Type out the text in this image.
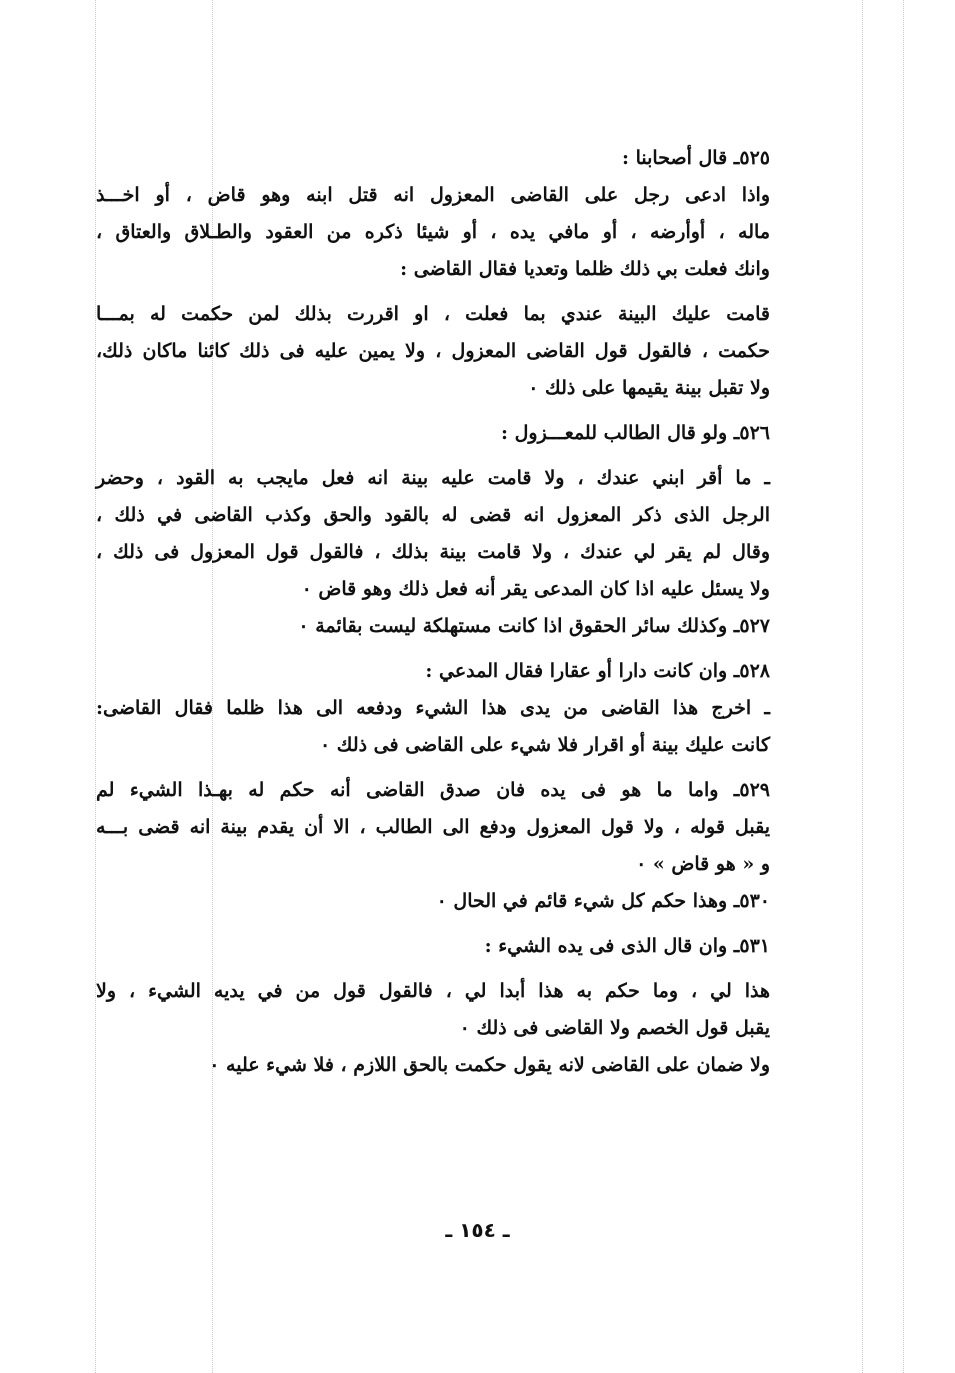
٥٢٥ـ قال أصحابنا :
واذا ادعى رجل على القاضى المعزول انه قتل ابنه وهو قاض ، أو اخـــذ
ماله ، أوأرضه ، أو مافي يده ، أو شيئا ذكره من العقود والطـلاق والعتاق ،
وانك فعلت بي ذلك ظلما وتعديا فقال القاضى :
قامت عليك البينة عندي بما فعلت ، او اقررت بذلك لمن حكمت له بمـــا
حكمت ، فالقول قول القاضى المعزول ، ولا يمين عليه فى ذلك كائنا ماكان ذلك،
ولا تقبل بينة يقيمها على ذلك ٠
٥٢٦ـ ولو قال الطالب للمعـــزول :
ـ ما أقر ابني عندك ، ولا قامت عليه بينة انه فعل مايجب به القود ، وحضر
الرجل الذى ذكر المعزول انه قضى له بالقود والحق وكذب القاضى في ذلك ،
وقال لم يقر لي عندك ، ولا قامت بينة بذلك ، فالقول قول المعزول فى ذلك ،
ولا يسئل عليه اذا كان المدعى يقر أنه فعل ذلك وهو قاض ٠
٥٢٧ـ وكذلك سائر الحقوق اذا كانت مستهلكة ليست بقائمة ٠
٥٢٨ـ وان كانت دارا أو عقارا فقال المدعي :
ـ اخرج هذا القاضى من يدى هذا الشيء ودفعه الى هذا ظلما فقال القاضى:
كانت عليك بينة أو اقرار فلا شيء على القاضى فى ذلك ٠
٥٢٩ـ واما ما هو فى يده فان صدق القاضى أنه حكم له بهـذا الشيء لم
يقبل قوله ، ولا قول المعزول ودفع الى الطالب ، الا أن يقدم بينة انه قضى بـــه
و « هو قاض » ٠
٥٣٠ـ وهذا حكم كل شيء قائم في الحال ٠
٥٣١ـ وان قال الذى فى يده الشيء :
هذا لي ، وما حكم به هذا أبدا لي ، فالقول قول من في يديه الشيء ، ولا
يقبل قول الخصم ولا القاضى فى ذلك ٠
ولا ضمان على القاضى لانه يقول حكمت بالحق اللازم ، فلا شيء عليه ٠
ـ ١٥٤ ـ
